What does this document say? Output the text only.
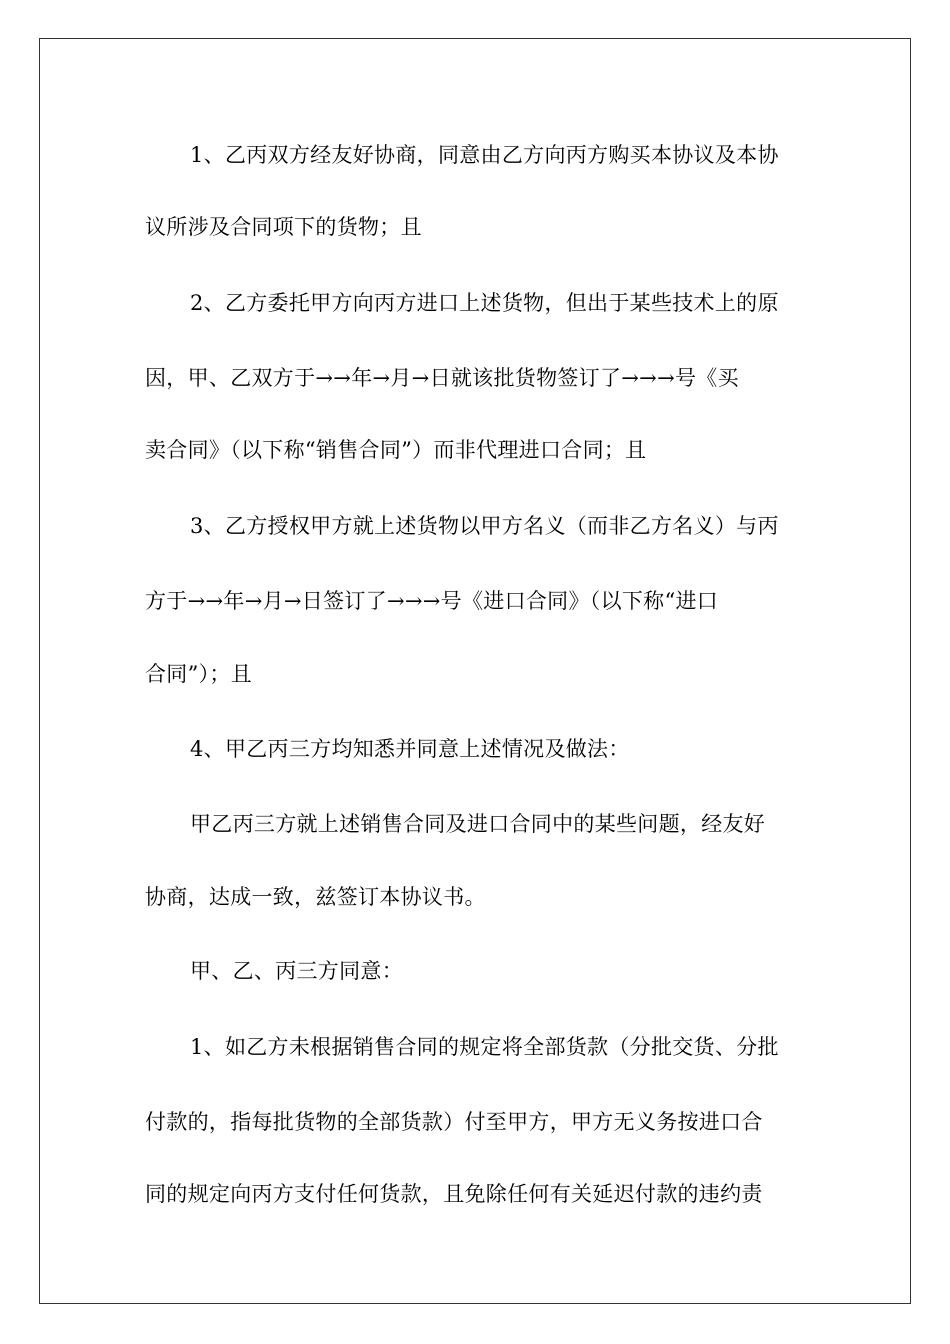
1、乙丙双方经友好协商，同意由乙方向丙方购买本协议及本协
议所涉及合同项下的货物；且
2、乙方委托甲方向丙方进口上述货物，但出于某些技术上的原
因，甲、乙双方于→→年→月→日就该批货物签订了→→→号《买
卖合同》（以下称“销售合同”）而非代理进口合同；且
3、乙方授权甲方就上述货物以甲方名义（而非乙方名义）与丙
方于→→年→月→日签订了→→→号《进口合同》（以下称“进口
合同”）；且
4、甲乙丙三方均知悉并同意上述情况及做法：
甲乙丙三方就上述销售合同及进口合同中的某些问题，经友好
协商，达成一致，兹签订本协议书。
甲、乙、丙三方同意：
1、如乙方未根据销售合同的规定将全部货款（分批交货、分批
付款的，指每批货物的全部货款）付至甲方，甲方无义务按进口合
同的规定向丙方支付任何货款，且免除任何有关延迟付款的违约责
